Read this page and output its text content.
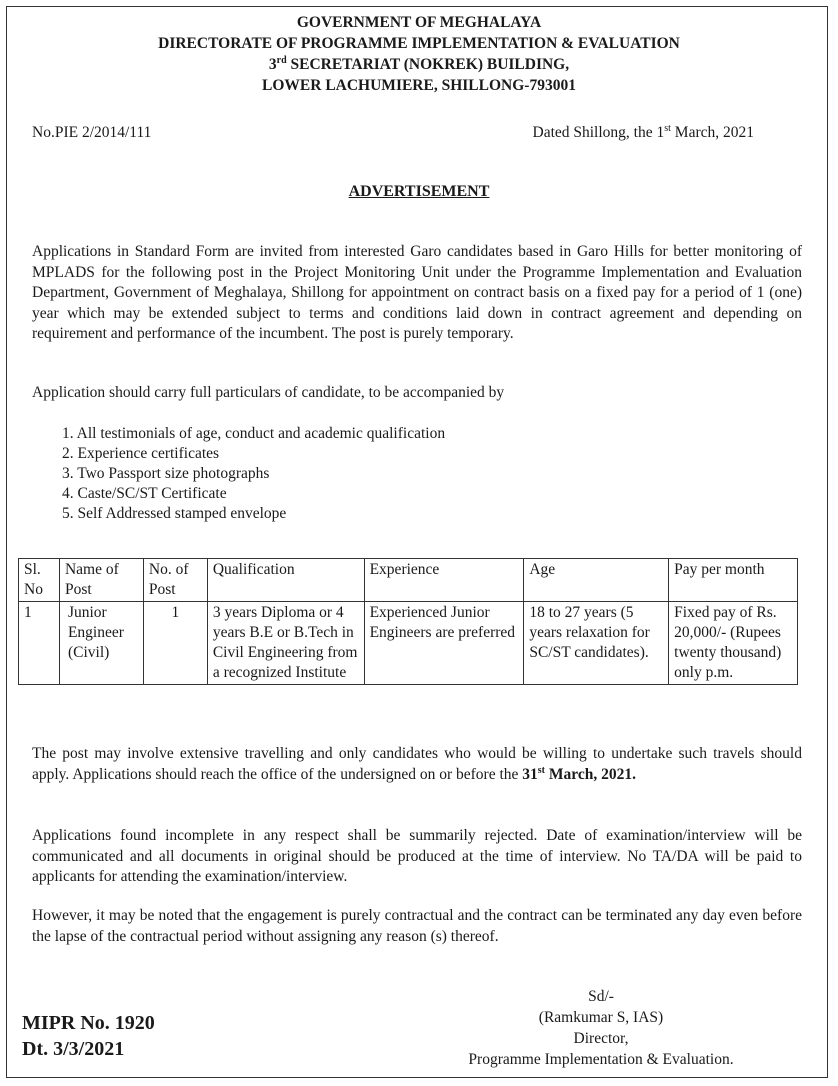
GOVERNMENT OF MEGHALAYA
DIRECTORATE OF PROGRAMME IMPLEMENTATION & EVALUATION
3rd SECRETARIAT (NOKREK) BUILDING,
LOWER LACHUMIERE, SHILLONG-793001
No.PIE 2/2014/111	Dated Shillong, the 1st March, 2021
ADVERTISEMENT
Applications in Standard Form are invited from interested Garo candidates based in Garo Hills for better monitoring of MPLADS for the following post in the Project Monitoring Unit under the Programme Implementation and Evaluation Department, Government of Meghalaya, Shillong for appointment on contract basis on a fixed pay for a period of 1 (one) year which may be extended subject to terms and conditions laid down in contract agreement and depending on requirement and performance of the incumbent. The post is purely temporary.
Application should carry full particulars of candidate, to be accompanied by
1. All testimonials of age, conduct and academic qualification
2. Experience certificates
3. Two Passport size photographs
4. Caste/SC/ST Certificate
5. Self Addressed stamped envelope
Sl. No	Name of Post	No. of Post	Qualification	Experience	Age	Pay per month
1	Junior Engineer (Civil)	1	3 years Diploma or 4 years B.E or B.Tech in Civil Engineering from a recognized Institute	Experienced Junior Engineers are preferred	18 to 27 years (5 years relaxation for SC/ST candidates).	Fixed pay of Rs. 20,000/- (Rupees twenty thousand) only p.m.
The post may involve extensive travelling and only candidates who would be willing to undertake such travels should apply. Applications should reach the office of the undersigned on or before the 31st March, 2021.
Applications found incomplete in any respect shall be summarily rejected. Date of examination/interview will be communicated and all documents in original should be produced at the time of interview. No TA/DA will be paid to applicants for attending the examination/interview.
However, it may be noted that the engagement is purely contractual and the contract can be terminated any day even before the lapse of the contractual period without assigning any reason (s) thereof.
Sd/-
(Ramkumar S, IAS)
Director,
Programme Implementation & Evaluation.
MIPR No. 1920
Dt. 3/3/2021
